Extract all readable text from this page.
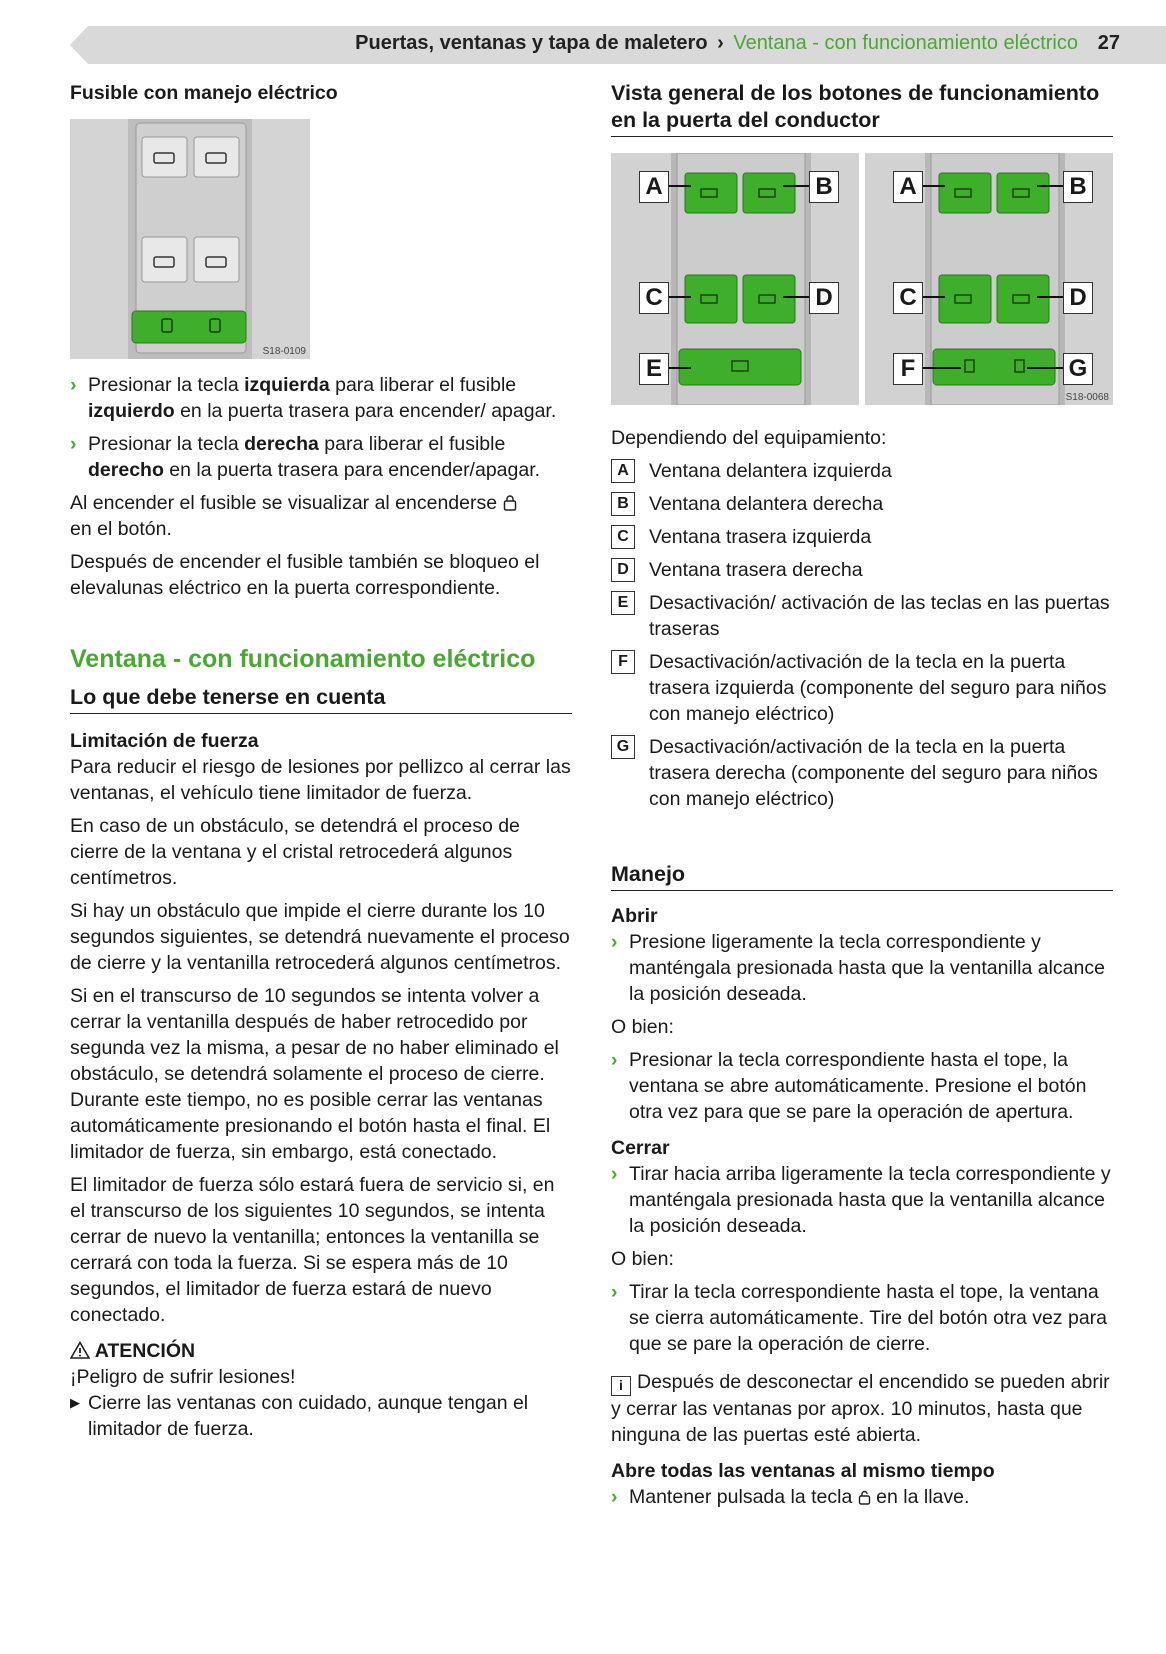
Puertas, ventanas y tapa de maletero › Ventana - con funcionamiento eléctrico 27

Fusible con manejo eléctrico

S18-0109
› Presionar la tecla izquierda para liberar el fusible izquierdo en la puerta trasera para encender/ apagar.
› Presionar la tecla derecha para liberar el fusible derecho en la puerta trasera para encender/apagar.

Al encender el fusible se visualizar al encenderse
en el botón.

Después de encender el fusible también se bloqueo el elevalunas eléctrico en la puerta correspondiente.

Ventana - con funcionamiento eléctrico

Lo que debe tenerse en cuenta

Limitación de fuerza

Para reducir el riesgo de lesiones por pellizco al cerrar las ventanas, el vehículo tiene limitador de fuerza.

En caso de un obstáculo, se detendrá el proceso de cierre de la ventana y el cristal retrocederá algunos centímetros.

Si hay un obstáculo que impide el cierre durante los 10 segundos siguientes, se detendrá nuevamente el proceso de cierre y la ventanilla retrocederá algunos centímetros.

Si en el transcurso de 10 segundos se intenta volver a cerrar la ventanilla después de haber retrocedido por segunda vez la misma, a pesar de no haber eliminado el obstáculo, se detendrá solamente el proceso de cierre. Durante este tiempo, no es posible cerrar las ventanas automáticamente presionando el botón hasta el final. El limitador de fuerza, sin embargo, está conectado.

El limitador de fuerza sólo estará fuera de servicio si, en el transcurso de los siguientes 10 segundos, se intenta cerrar de nuevo la ventanilla; entonces la ventanilla se cerrará con toda la fuerza. Si se espera más de 10 segundos, el limitador de fuerza estará de nuevo conectado.

ATENCIÓN

¡Peligro de sufrir lesiones!

▶ Cierre las ventanas con cuidado, aunque tengan el limitador de fuerza.

Vista general de los botones de funcionamiento en la puerta del conductor

A	B
C	D
E
A	B
C	D
F	G
S18-0068

Dependiendo del equipamiento:

A	Ventana delantera izquierda
B	Ventana delantera derecha
C	Ventana trasera izquierda
D	Ventana trasera derecha
E	Desactivación/ activación de las teclas en las puertas traseras
F	Desactivación/activación de la tecla en la puerta trasera izquierda (componente del seguro para niños con manejo eléctrico)
G Desactivación/activación de la tecla en la puerta trasera derecha (componente del seguro para niños con manejo eléctrico)

Manejo

Abrir

› Presione ligeramente la tecla correspondiente y manténgala presionada hasta que la ventanilla alcance la posición deseada.

O bien:

› Presionar la tecla correspondiente hasta el tope, la ventana se abre automáticamente. Presione el botón otra vez para que se pare la operación de apertura.

Cerrar

› Tirar hacia arriba ligeramente la tecla correspondiente y manténgala presionada hasta que la ventanilla alcance la posición deseada.

O bien:

› Tirar la tecla correspondiente hasta el tope, la ventana se cierra automáticamente. Tire del botón otra vez para que se pare la operación de cierre.

i Después de desconectar el encendido se pueden abrir y cerrar las ventanas por aprox. 10 minutos, hasta que ninguna de las puertas esté abierta.

Abre todas las ventanas al mismo tiempo

› Mantener pulsada la tecla en la llave.
